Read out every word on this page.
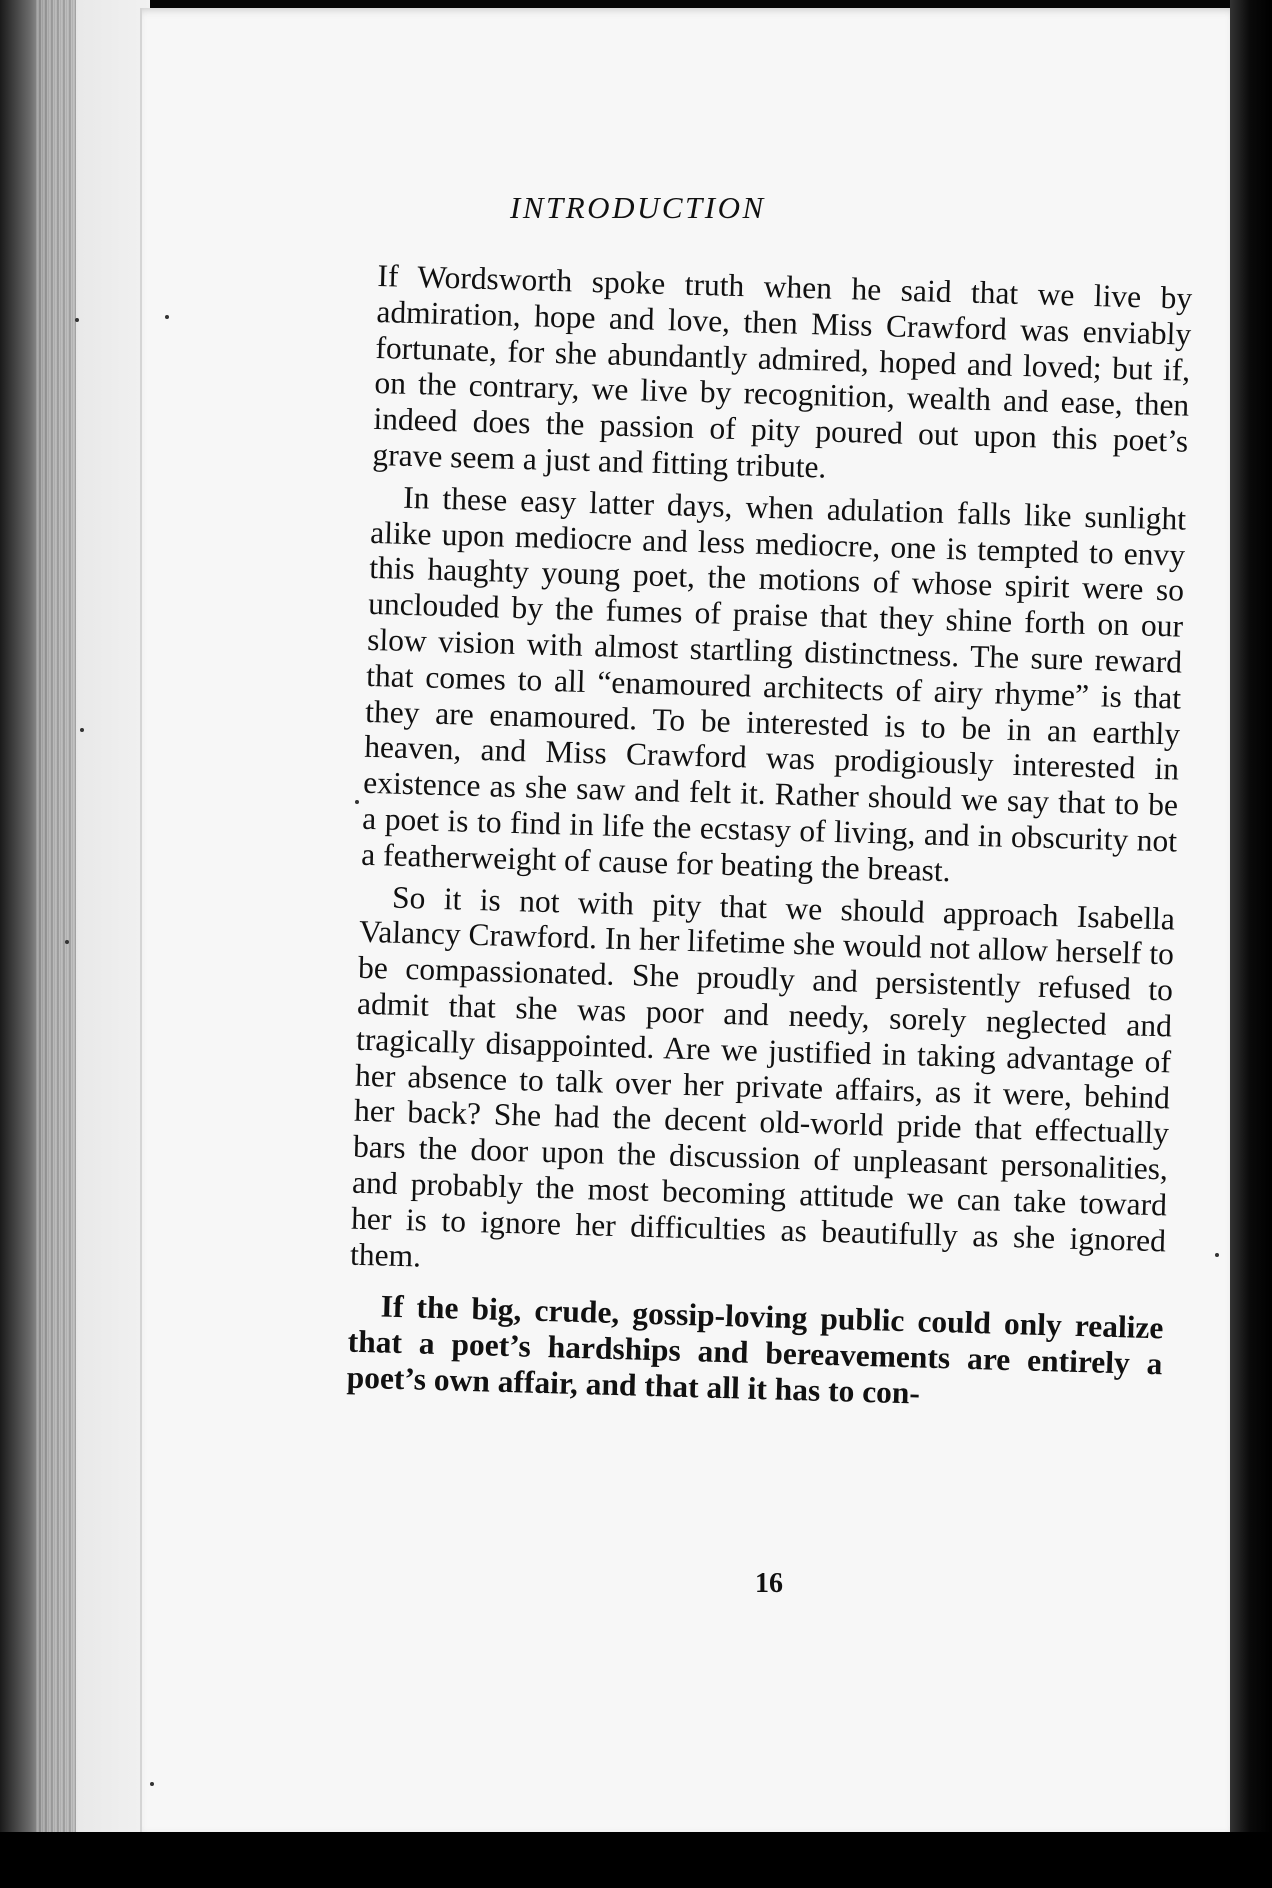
INTRODUCTION

If Wordsworth spoke truth when he said that we live by admiration, hope and love, then Miss Crawford was enviably fortunate, for she abundantly admired, hoped and loved; but if, on the contrary, we live by recognition, wealth and ease, then indeed does the passion of pity poured out upon this poet’s grave seem a just and fitting tribute.

In these easy latter days, when adulation falls like sunlight alike upon mediocre and less mediocre, one is tempted to envy this haughty young poet, the motions of whose spirit were so unclouded by the fumes of praise that they shine forth on our slow vision with almost startling distinctness. The sure reward that comes to all “enamoured architects of airy rhyme” is that they are enamoured. To be interested is to be in an earthly heaven, and Miss Crawford was prodigiously interested in existence as she saw and felt it. Rather should we say that to be a poet is to find in life the ecstasy of living, and in obscurity not a featherweight of cause for beating the breast.

So it is not with pity that we should approach Isabella Valancy Crawford. In her lifetime she would not allow herself to be compassionated. She proudly and persistently refused to admit that she was poor and needy, sorely neglected and tragically disappointed. Are we justified in taking advantage of her absence to talk over her private affairs, as it were, behind her back? She had the decent old-world pride that effectually bars the door upon the discussion of unpleasant personalities, and probably the most becoming attitude we can take toward her is to ignore her difficulties as beautifully as she ignored them.

If the big, crude, gossip-loving public could only realize that a poet’s hardships and bereavements are entirely a poet’s own affair, and that all it has to con-

16
